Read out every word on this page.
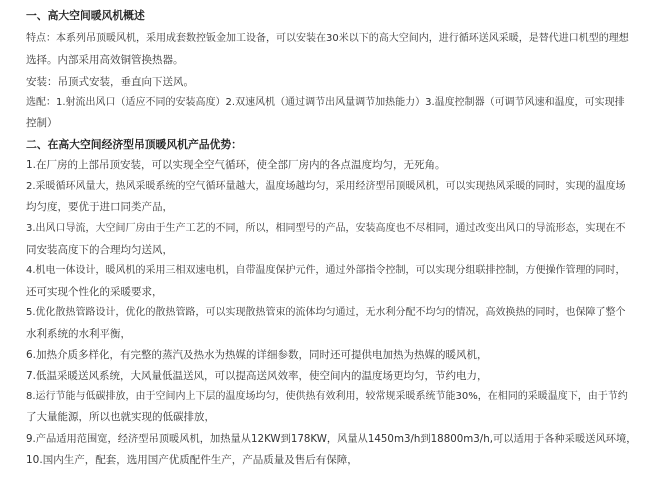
一、高大空间暖风机概述
特点：本系列吊顶暖风机，采用成套数控钣金加工设备，可以安装在30米以下的高大空间内，进行循环送风采暖，是替代进口机型的理想
选择。内部采用高效铜管换热器。
安装：吊顶式安装，垂直向下送风。
选配：1.射流出风口（适应不同的安装高度）2.双速风机（通过调节出风量调节加热能力）3.温度控制器（可调节风速和温度，可实现排
控制）
二、在高大空间经济型吊顶暖风机产品优势：
1.在厂房的上部吊顶安装，可以实现全空气循环，使全部厂房内的各点温度均匀，无死角。
2.采暖循环风量大，热风采暖系统的空气循环量越大，温度场越均匀，采用经济型吊顶暖风机，可以实现热风采暖的同时，实现的温度场
均匀度，要优于进口同类产品，
3.出风口导流，大空间厂房由于生产工艺的不同，所以，相同型号的产品，安装高度也不尽相同，通过改变出风口的导流形态，实现在不
同安装高度下的合理均匀送风，
4.机电一体设计，暖风机的采用三相双速电机，自带温度保护元件，通过外部指令控制，可以实现分组联排控制，方便操作管理的同时，
还可实现个性化的采暖要求，
5.优化散热管路设计，优化的散热管路，可以实现散热管束的流体均匀通过，无水利分配不均匀的情况，高效换热的同时，也保障了整个
水利系统的水利平衡，
6.加热介质多样化，有完整的蒸汽及热水为热媒的详细参数，同时还可提供电加热为热媒的暖风机，
7.低温采暖送风系统，大风量低温送风，可以提高送风效率，使空间内的温度场更均匀，节约电力，
8.运行节能与低碳排放，由于空间内上下层的温度场均匀，使供热有效利用，较常规采暖系统节能30%，在相同的采暖温度下，由于节约
了大量能源，所以也就实现的低碳排放，
9.产品适用范围宽，经济型吊顶暖风机，加热量从12KW到178KW，风量从1450m3/h到18800m3/h,可以适用于各种采暖送风环境，
10.国内生产，配套，选用国产优质配件生产，产品质量及售后有保障，
